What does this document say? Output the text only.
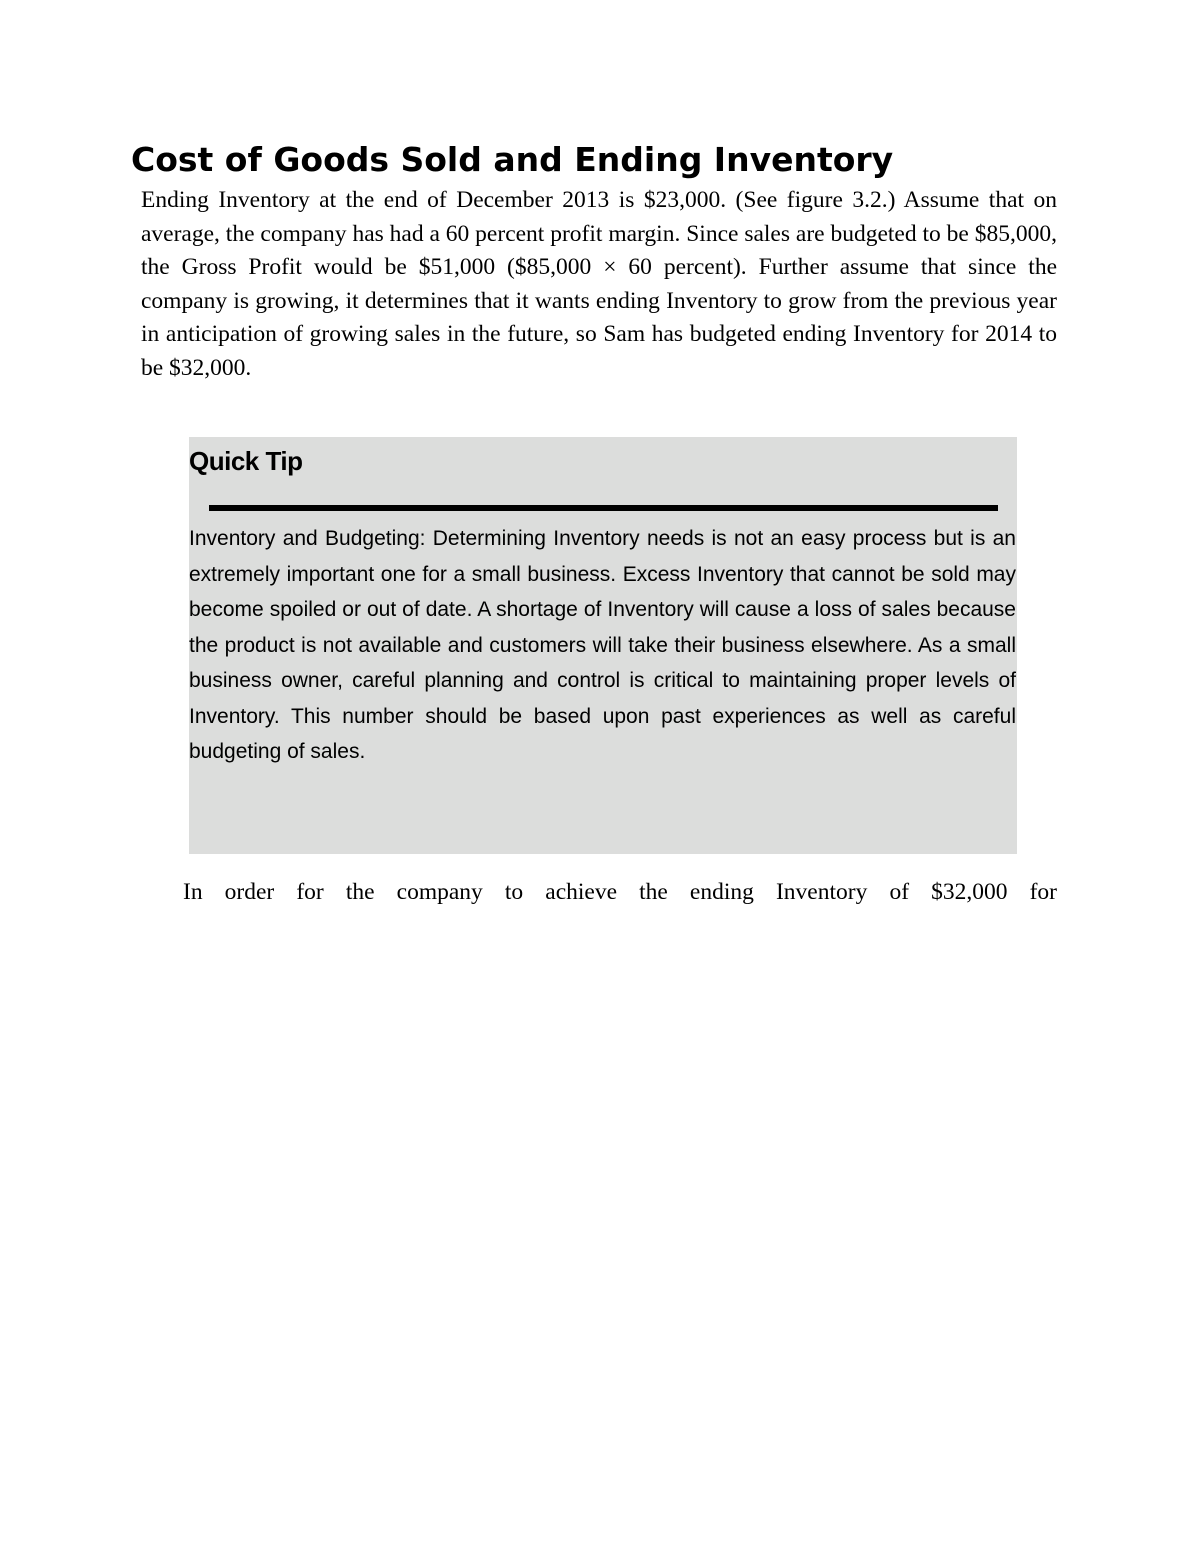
Cost of Goods Sold and Ending Inventory

Ending Inventory at the end of December 2013 is $23,000. (See figure 3.2.) Assume that on average, the company has had a 60 percent profit margin. Since sales are budgeted to be $85,000, the Gross Profit would be $51,000 ($85,000 × 60 percent). Further assume that since the company is growing, it determines that it wants ending Inventory to grow from the previous year in anticipation of growing sales in the future, so Sam has budgeted ending Inventory for 2014 to be $32,000.

Quick Tip

Inventory and Budgeting: Determining Inventory needs is not an easy process but is an extremely important one for a small business. Excess Inventory that cannot be sold may become spoiled or out of date. A shortage of Inventory will cause a loss of sales because the product is not available and customers will take their business elsewhere. As a small business owner, careful planning and control is critical to maintaining proper levels of Inventory. This number should be based upon past experiences as well as careful budgeting of sales.

In order for the company to achieve the ending Inventory of $32,000 for
